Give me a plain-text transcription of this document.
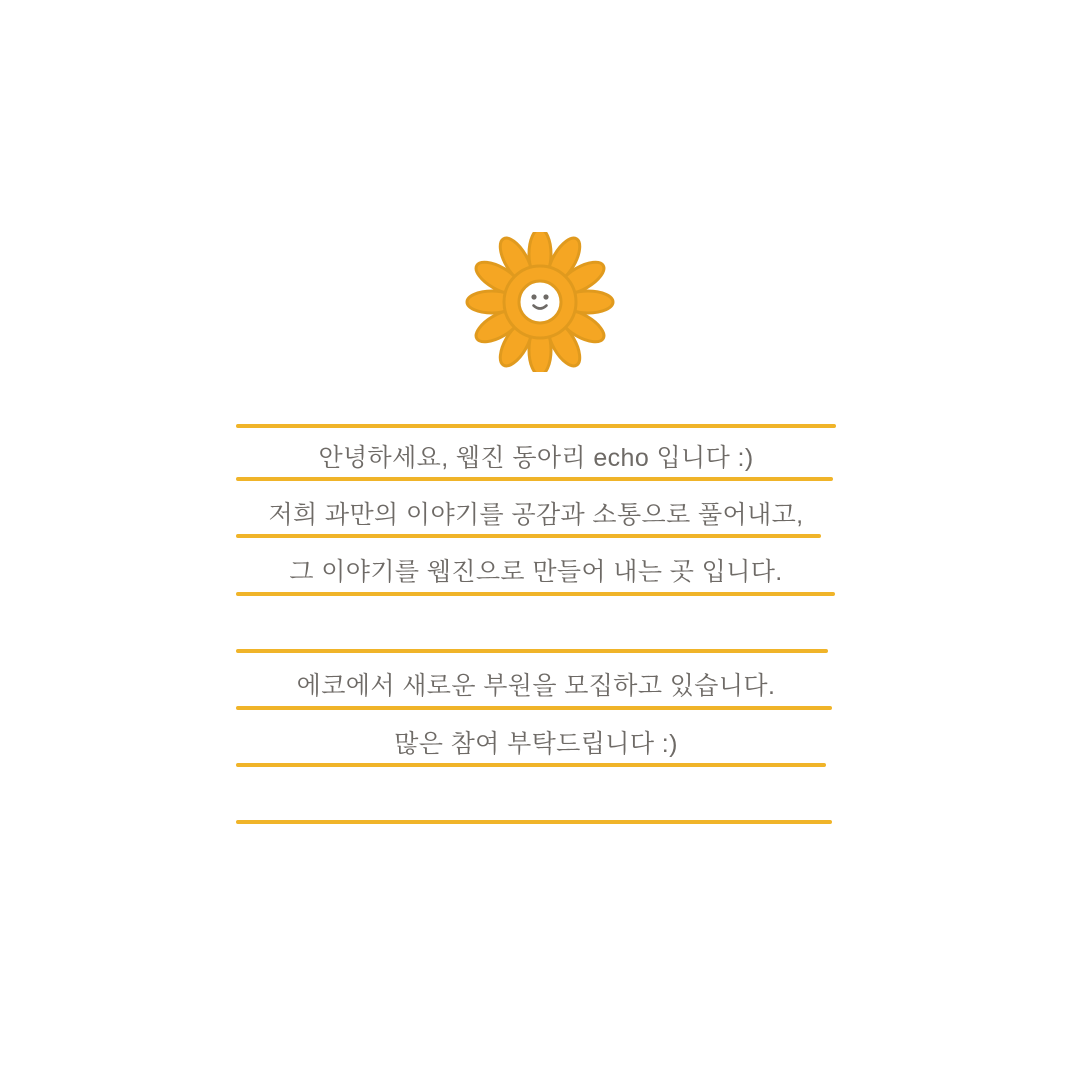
안녕하세요, 웹진 동아리 echo 입니다 :)
저희 과만의 이야기를 공감과 소통으로 풀어내고,
그 이야기를 웹진으로 만들어 내는 곳 입니다.
에코에서 새로운 부원을 모집하고 있습니다.
많은 참여 부탁드립니다 :)
